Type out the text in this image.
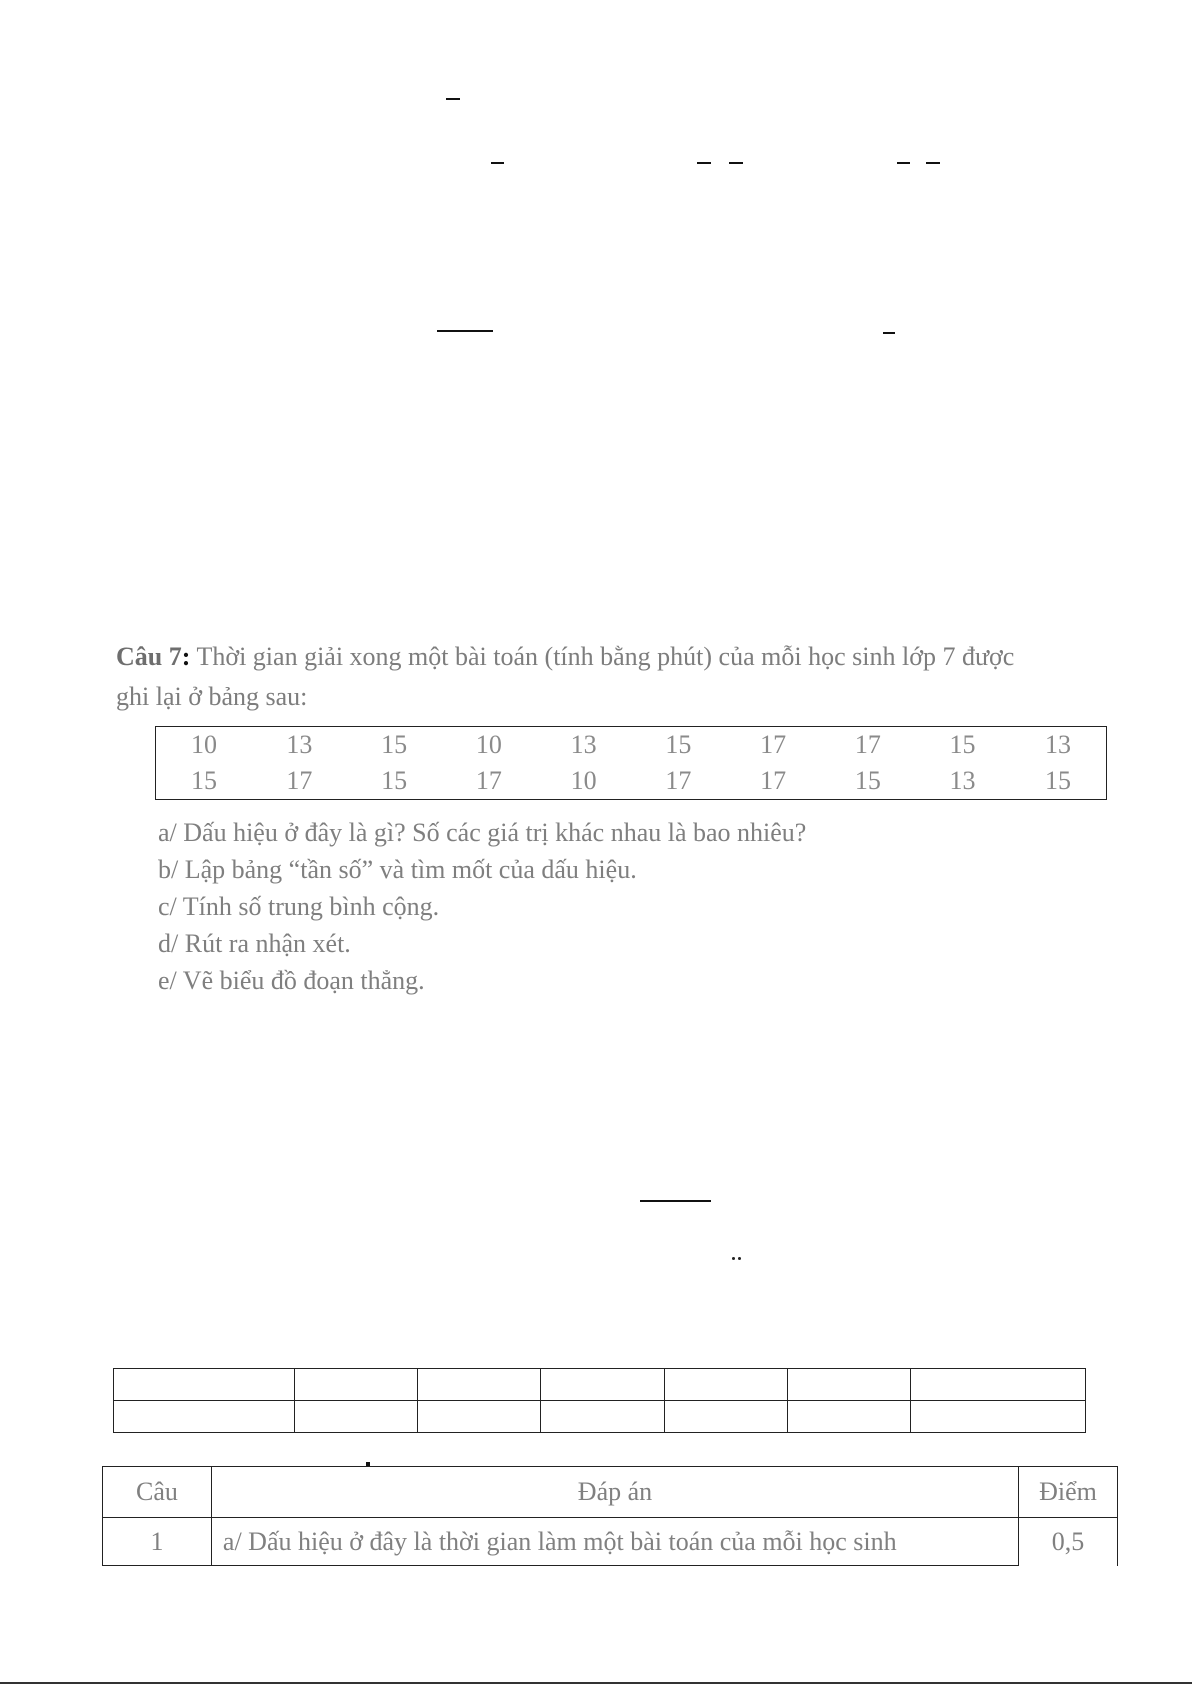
Câu 7: Thời gian giải xong một bài toán (tính bằng phút) của mỗi học sinh lớp 7 được
ghi lại ở bảng sau:
10	13	15	10	13	15	17	17	15	13
15	17	15	17	10	17	17	15	13	15
a/ Dấu hiệu ở đây là gì? Số các giá trị khác nhau là bao nhiêu?
b/ Lập bảng “tần số” và tìm mốt của dấu hiệu.
c/ Tính số trung bình cộng.
d/ Rút ra nhận xét.
e/ Vẽ biểu đồ đoạn thẳng.

Câu	Đáp án	Điểm
1	a/ Dấu hiệu ở đây là thời gian làm một bài toán của mỗi học sinh	0,5
